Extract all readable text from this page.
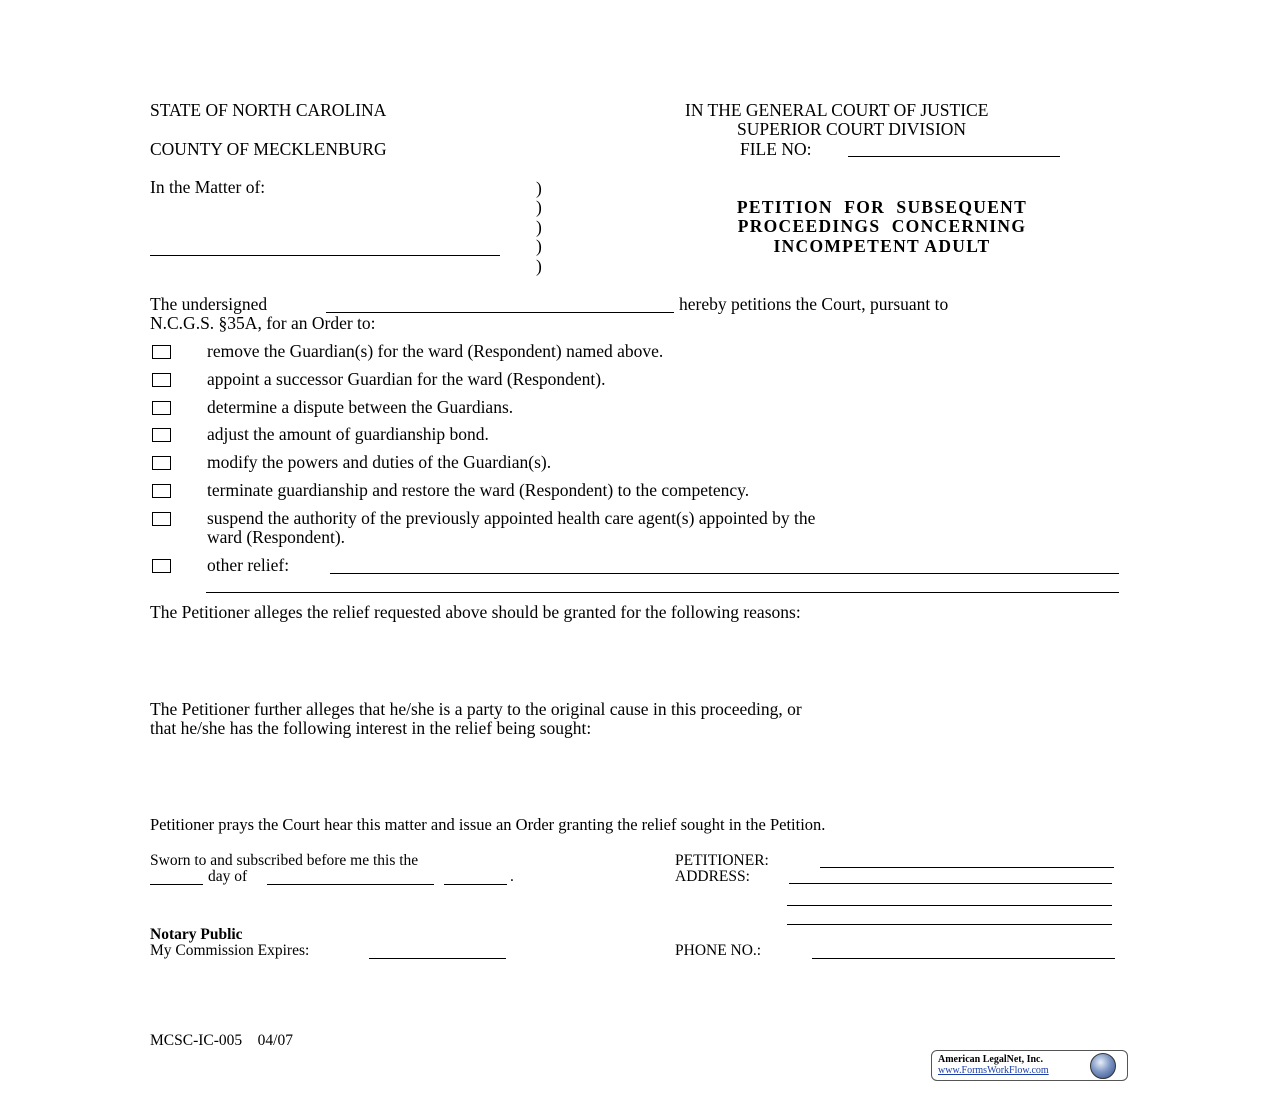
STATE OF NORTH CAROLINA
COUNTY OF MECKLENBURG
IN THE GENERAL COURT OF JUSTICE
SUPERIOR COURT DIVISION
FILE NO:
In the Matter of:	)
)
)
)
)
PETITION  FOR  SUBSEQUENT
PROCEEDINGS  CONCERNING
INCOMPETENT ADULT
The undersigned	hereby petitions the Court, pursuant to
N.C.G.S. §35A, for an Order to:
remove the Guardian(s) for the ward (Respondent) named above.
appoint a successor Guardian for the ward (Respondent).
determine a dispute between the Guardians.
adjust the amount of guardianship bond.
modify the powers and duties of the Guardian(s).
terminate guardianship and restore the ward (Respondent) to the competency.
suspend the authority of the previously appointed health care agent(s) appointed by the
ward (Respondent).
other relief:
The Petitioner alleges the relief requested above should be granted for the following reasons:
The Petitioner further alleges that he/she is a party to the original cause in this proceeding, or
that he/she has the following interest in the relief being sought:
Petitioner prays the Court hear this matter and issue an Order granting the relief sought in the Petition.
Sworn to and subscribed before me this the
day of	.
Notary Public
My Commission Expires:
PETITIONER:
ADDRESS:
PHONE NO.:
MCSC-IC-005    04/07
American LegalNet, Inc.
www.FormsWorkFlow.com
